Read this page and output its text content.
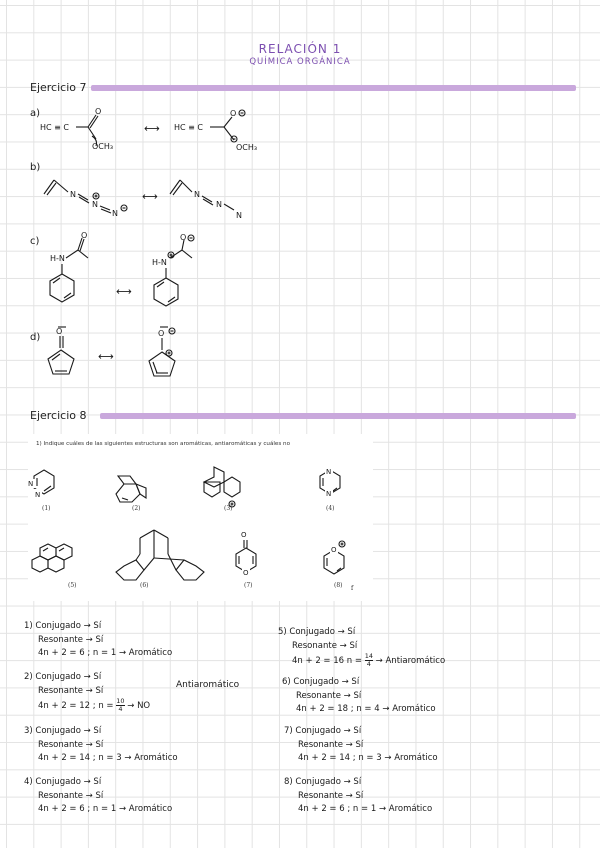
RELACIÓN 1
QUÍMICA ORGÁNICA
Ejercicio 7
a)
HC ≡ C
O
OCH₃
⟷ HC ≡ C
O
OCH₃
b)
N
N
N
⟷	N
N
N
c)
H-N
O
⟷
H-N
O
d)
O
⟷
O
Ejercicio 8
1) Indique cuáles de las siguientes estructuras son aromáticas, antiaromáticas y cuáles no
N
N
N
N
O
O
O
(1)	(2)	(3)	(4)
(5)	(6)	(7)	(8) f
1) Conjugado → Sí
Resonante → Sí
4n + 2 = 6 ; n = 1 → Aromático
2) Conjugado → Sí
Resonante → Sí
4n + 2 = 12 ; $n = \frac{10}{4}$ → NO
3) Conjugado → Sí
Resonante → Sí
4n + 2 = 14 ; n = 3 → Aromático
4) Conjugado → Sí
Resonante → Sí
4n + 2 = 6 ; n = 1 → Aromático
Antiaromático
5) Conjugado → Sí
Resonante → Sí
4n + 2 = 16 $n = \frac{14}{4}$ → Antiaromático
6) Conjugado → Sí
Resonante → Sí
4n + 2 = 18 ; n = 4 → Aromático
7) Conjugado → Sí
Resonante → Sí
4n + 2 = 14 ; n = 3 → Aromático
8) Conjugado → Sí
Resonante → Sí
4n + 2 = 6 ; n = 1 → Aromático
